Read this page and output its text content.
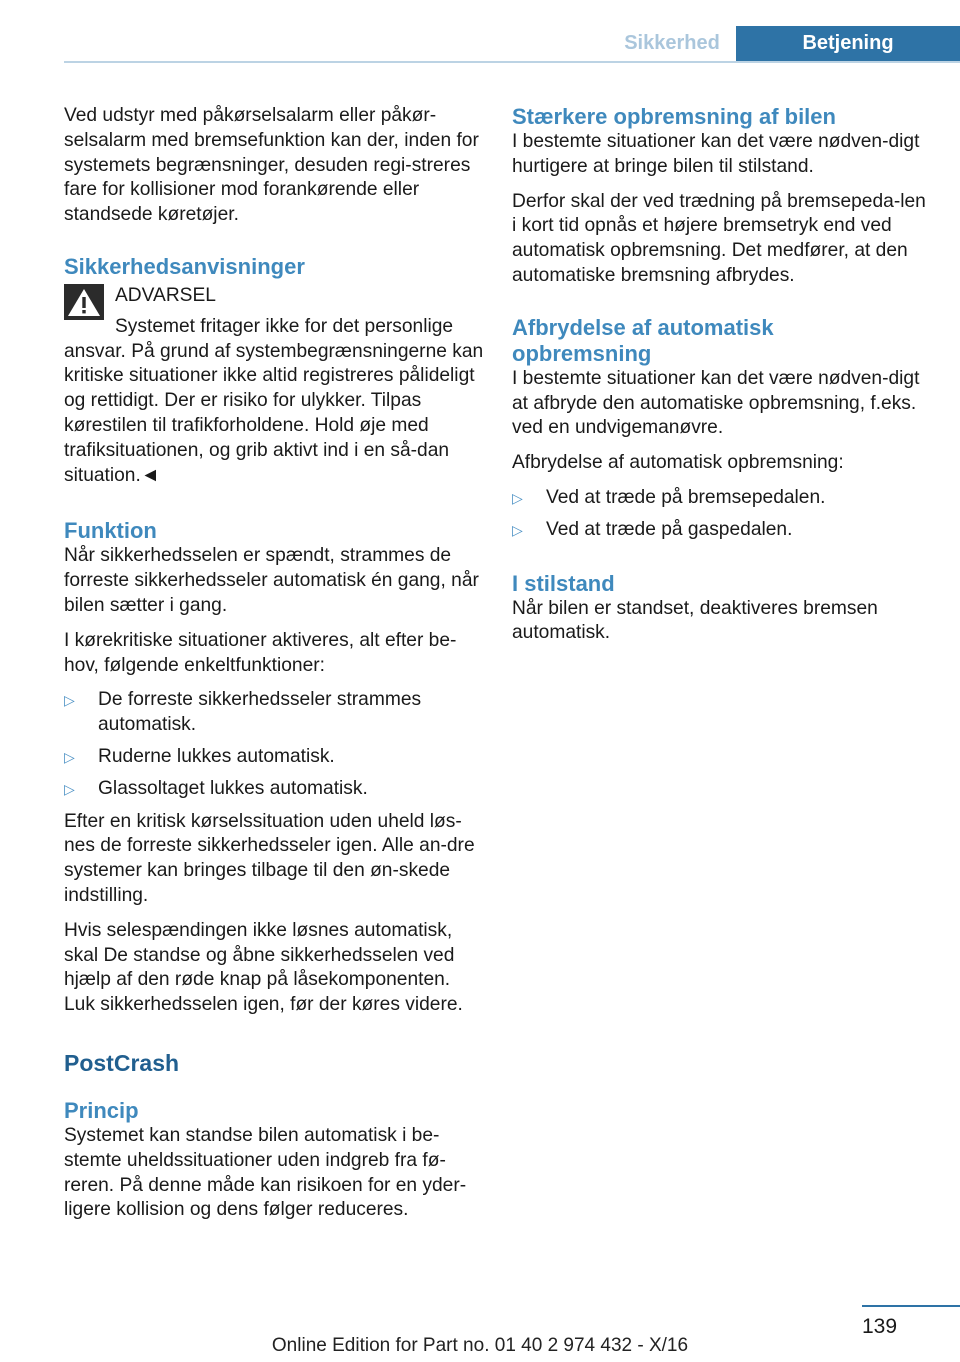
Sikkerhed	Betjening

Ved udstyr med påkørselsalarm eller påkør-selsalarm med bremsefunktion kan der, inden for systemets begrænsninger, desuden regi-streres fare for kollisioner mod forankørende eller standsede køretøjer.

Sikkerhedsanvisninger

ADVARSEL

Systemet fritager ikke for det personlige ansvar. På grund af systembegrænsningerne kan kritiske situationer ikke altid registreres pålideligt og rettidigt. Der er risiko for ulykker. Tilpas kørestilen til trafikforholdene. Hold øje med trafiksituationen, og grib aktivt ind i en så-dan situation.◄

Funktion

Når sikkerhedsselen er spændt, strammes de forreste sikkerhedsseler automatisk én gang, når bilen sætter i gang.

I kørekritiske situationer aktiveres, alt efter be-hov, følgende enkeltfunktioner:

▷ De forreste sikkerhedsseler strammes automatisk.
▷ Ruderne lukkes automatisk.
▷ Glassoltaget lukkes automatisk.

Efter en kritisk kørselssituation uden uheld løs-nes de forreste sikkerhedsseler igen. Alle an-dre systemer kan bringes tilbage til den øn-skede indstilling.

Hvis selespændingen ikke løsnes automatisk, skal De standse og åbne sikkerhedsselen ved hjælp af den røde knap på låsekomponenten. Luk sikkerhedsselen igen, før der køres videre.

PostCrash
Princip

Systemet kan standse bilen automatisk i be-stemte uheldssituationer uden indgreb fra fø-reren. På denne måde kan risikoen for en yder-ligere kollision og dens følger reduceres.

Stærkere opbremsning af bilen

I bestemte situationer kan det være nødven-digt hurtigere at bringe bilen til stilstand.

Derfor skal der ved trædning på bremsepeda-len i kort tid opnås et højere bremsetryk end ved automatisk opbremsning. Det medfører, at den automatiske bremsning afbrydes.

Afbrydelse af automatisk
opbremsning

I bestemte situationer kan det være nødven-digt at afbryde den automatiske opbremsning, f.eks. ved en undvigemanøvre.

Afbrydelse af automatisk opbremsning:

▷ Ved at træde på bremsepedalen.
▷ Ved at træde på gaspedalen.
I stilstand

Når bilen er standset, deaktiveres bremsen automatisk.

139
Online Edition for Part no. 01 40 2 974 432 - X/16
